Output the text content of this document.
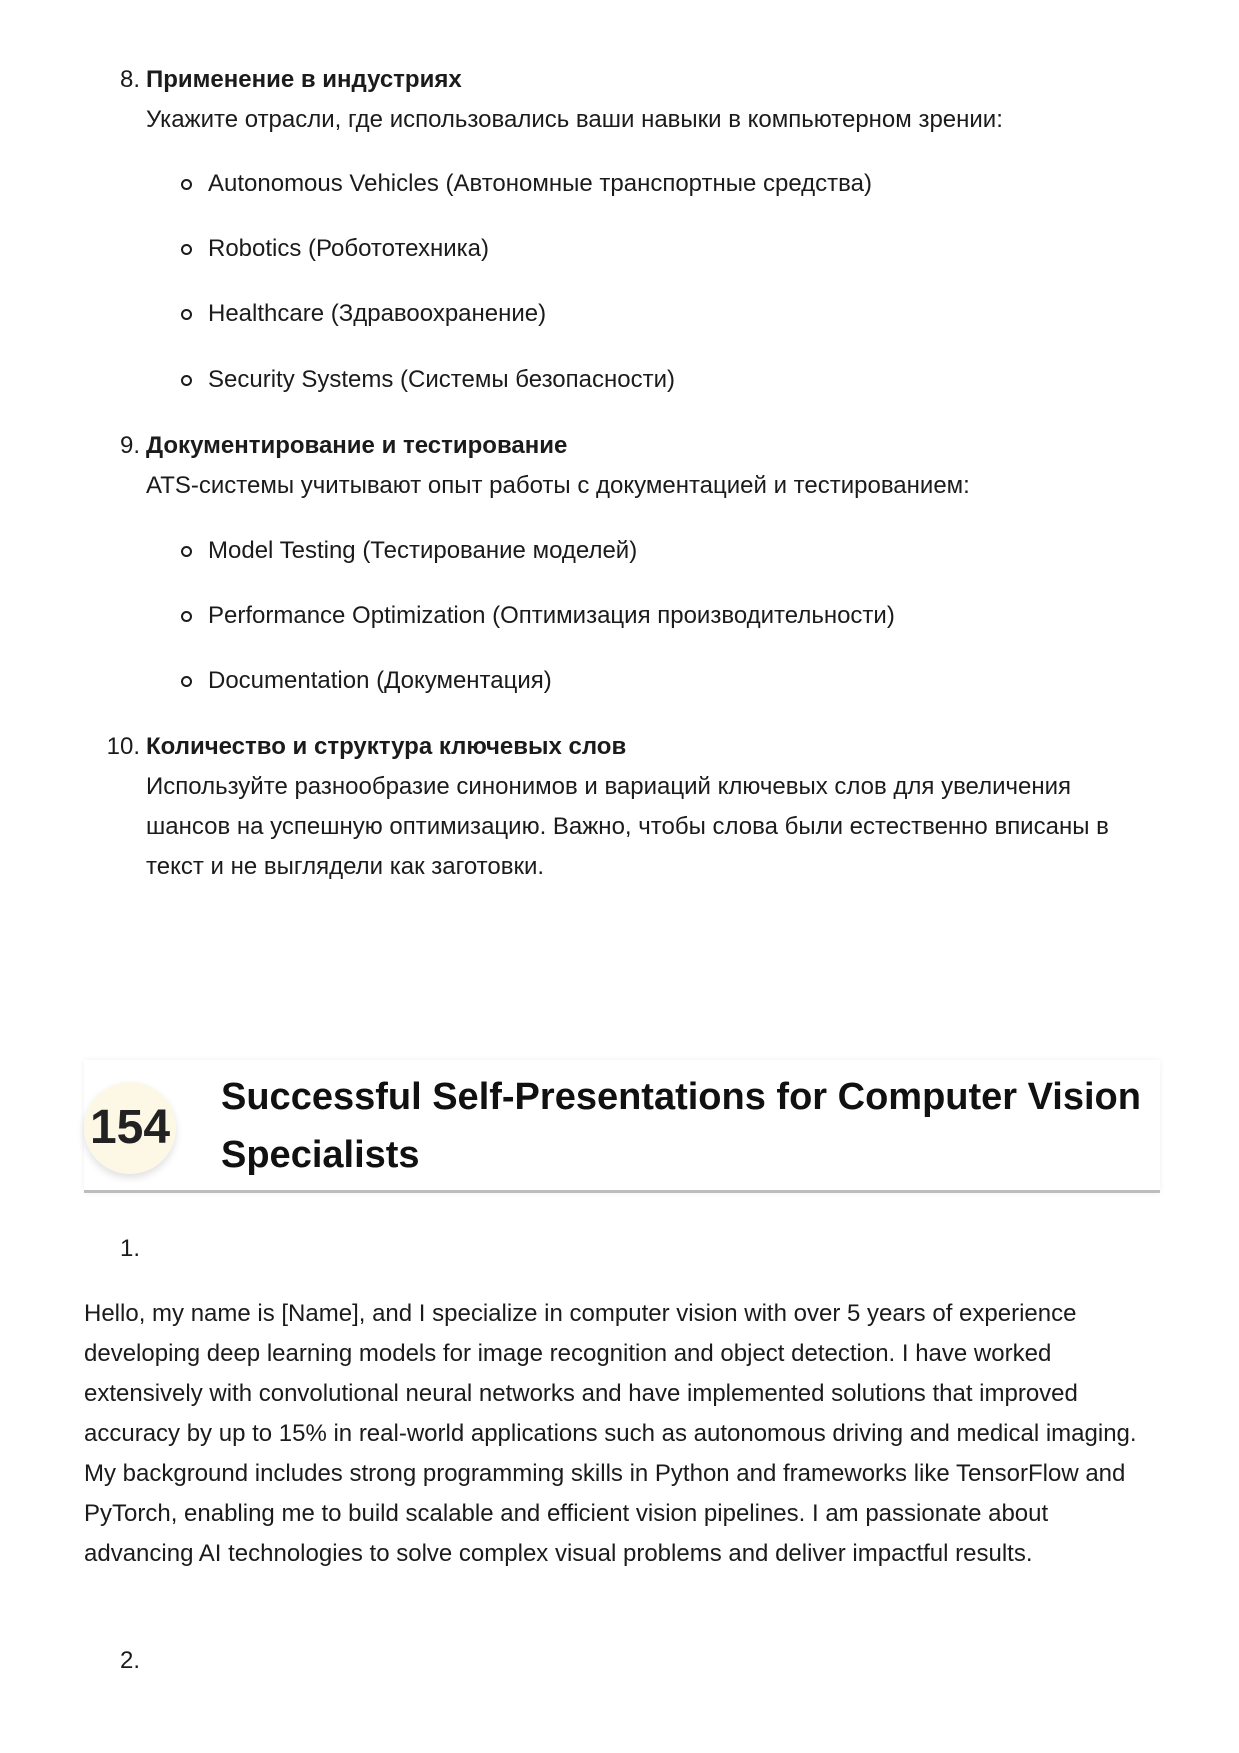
8. Применение в индустриях
Укажите отрасли, где использовались ваши навыки в компьютерном зрении:
Autonomous Vehicles (Автономные транспортные средства)
Robotics (Робототехника)
Healthcare (Здравоохранение)
Security Systems (Системы безопасности)
9. Документирование и тестирование
ATS-системы учитывают опыт работы с документацией и тестированием:
Model Testing (Тестирование моделей)
Performance Optimization (Оптимизация производительности)
Documentation (Документация)
10. Количество и структура ключевых слов
Используйте разнообразие синонимов и вариаций ключевых слов для увеличения шансов на успешную оптимизацию. Важно, чтобы слова были естественно вписаны в текст и не выглядели как заготовки.
154
Successful Self-Presentations for Computer Vision Specialists
1.
Hello, my name is [Name], and I specialize in computer vision with over 5 years of experience developing deep learning models for image recognition and object detection. I have worked extensively with convolutional neural networks and have implemented solutions that improved accuracy by up to 15% in real-world applications such as autonomous driving and medical imaging. My background includes strong programming skills in Python and frameworks like TensorFlow and PyTorch, enabling me to build scalable and efficient vision pipelines. I am passionate about advancing AI technologies to solve complex visual problems and deliver impactful results.
2.
